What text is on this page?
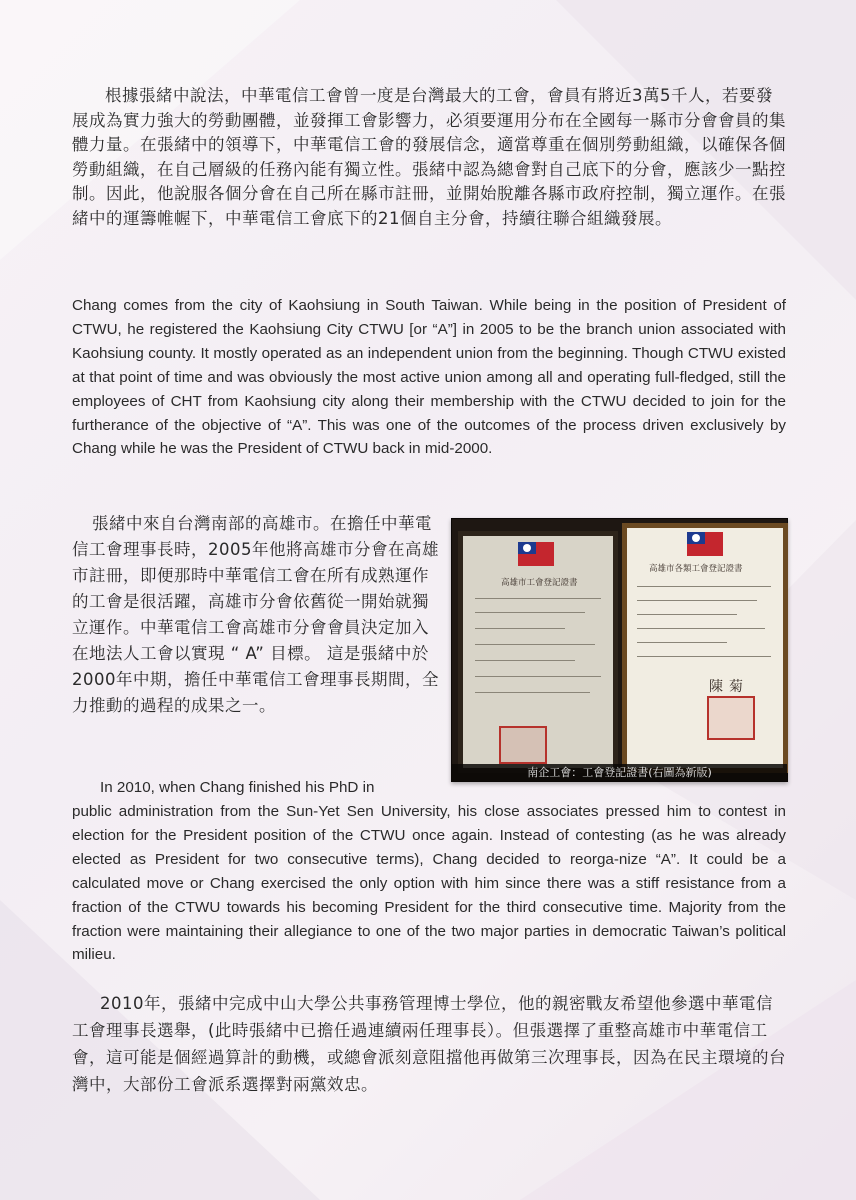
根據張緒中說法，中華電信工會曾一度是台灣最大的工會，會員有將近3萬5千人，若要發展成為實力強大的勞動團體，並發揮工會影響力，必須要運用分布在全國每一縣市分會會員的集體力量。在張緒中的領導下，中華電信工會的發展信念，適當尊重在個別勞動組織，以確保各個勞動組織，在自己層級的任務內能有獨立性。張緒中認為總會對自己底下的分會，應該少一點控制。因此，他說服各個分會在自己所在縣市註冊，並開始脫離各縣市政府控制，獨立運作。在張緒中的運籌帷幄下，中華電信工會底下的21個自主分會，持續往聯合組織發展。

Chang comes from the city of Kaohsiung in South Taiwan. While being in the position of President of CTWU, he registered the Kaohsiung City CTWU [or “A”] in 2005 to be the branch union associated with Kaohsiung county. It mostly operated as an independent union from the beginning. Though CTWU existed at that point of time and was obviously the most active union among all and operating full-fledged, still the employees of CHT from Kaohsiung city along their membership with the CTWU decided to join for the furtherance of the objective of “A”. This was one of the outcomes of the process driven exclusively by Chang while he was the President of CTWU back in mid-2000.

張緒中來自台灣南部的高雄市。在擔任中華電信工會理事長時，2005年他將高雄市分會在高雄市註冊，即便那時中華電信工會在所有成熟運作的工會是很活躍，高雄市分會依舊從一開始就獨立運作。中華電信工會高雄市分會會員決定加入在地法人工會以實現 “ A” 目標。 這是張緒中於2000年中期，擔任中華電信工會理事長期間，全力推動的過程的成果之一。

高雄市工會登記證書
高雄市各類工會登記證書
陳菊
南企工會：工會登記證書(右圖為新版)

In 2010, when Chang finished his PhD in

public administration from the Sun-Yet Sen University, his close associates pressed him to contest in election for the President position of the CTWU once again. Instead of contesting (as he was already elected as President for two consecutive terms), Chang decided to reorga-nize “A”. It could be a calculated move or Chang exercised the only option with him since there was a stiff resistance from a fraction of the CTWU towards his becoming President for the third consecutive time. Majority from the fraction were maintaining their allegiance to one of the two major parties in democratic Taiwan’s political milieu.

2010年，張緒中完成中山大學公共事務管理博士學位，他的親密戰友希望他參選中華電信工會理事長選舉，(此時張緒中已擔任過連續兩任理事長）。但張選擇了重整高雄市中華電信工會，這可能是個經過算計的動機，或總會派刻意阻擋他再做第三次理事長，因為在民主環境的台灣中，大部份工會派系選擇對兩黨效忠。
